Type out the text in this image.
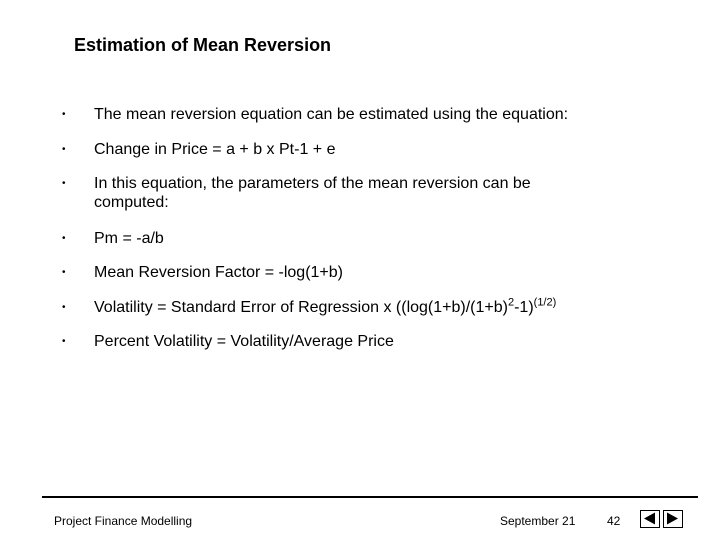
Estimation of Mean Reversion
•	The mean reversion equation can be estimated using the equation:
•	Change in Price = a + b x Pt-1 + e
•	In this equation, the parameters of the mean reversion can be computed:
•	Pm = -a/b
•	Mean Reversion Factor = -log(1+b)
•	Volatility = Standard Error of Regression x ($(\log(1+b)/(1+b)^2-1)^{(1/2)}$
•	Percent Volatility = Volatility/Average Price
Project Finance Modelling	September 21	42
